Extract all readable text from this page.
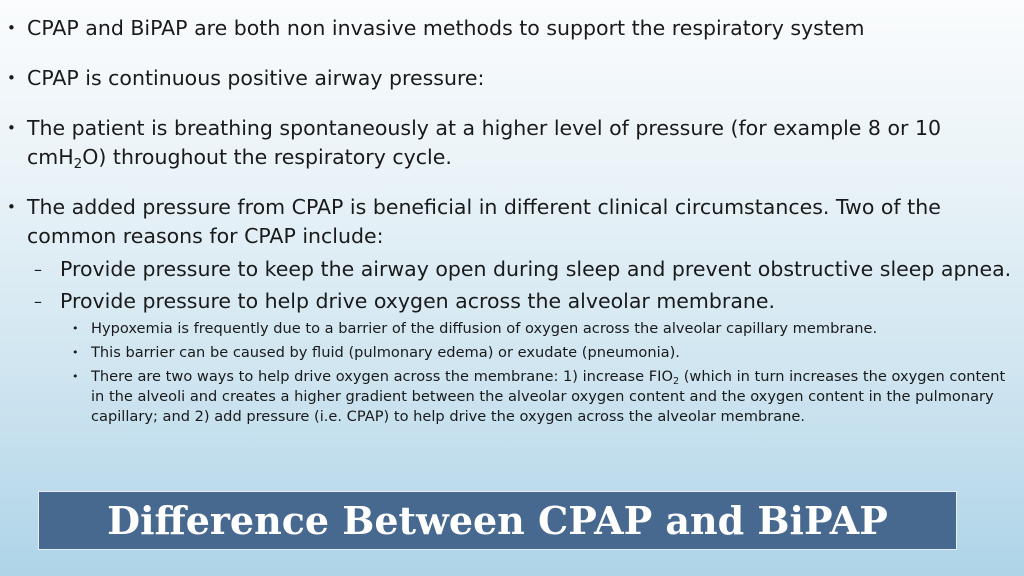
• CPAP and BiPAP are both non invasive methods to support the respiratory system
• CPAP is continuous positive airway pressure:
• The patient is breathing spontaneously at a higher level of pressure (for example 8 or 10 cmH$_2$O) throughout the respiratory cycle.
• The added pressure from CPAP is beneficial in different clinical circumstances. Two of the common reasons for CPAP include:
– Provide pressure to keep the airway open during sleep and prevent obstructive sleep apnea.
– Provide pressure to help drive oxygen across the alveolar membrane.
• Hypoxemia is frequently due to a barrier of the diffusion of oxygen across the alveolar capillary membrane.
• This barrier can be caused by fluid (pulmonary edema) or exudate (pneumonia).
• There are two ways to help drive oxygen across the membrane: 1) increase $FIO_2$ (which in turn increases the oxygen content in the alveoli and creates a higher gradient between the alveolar oxygen content and the oxygen content in the pulmonary capillary; and 2) add pressure (i.e. CPAP) to help drive the oxygen across the alveolar membrane.
Difference Between CPAP and BiPAP
